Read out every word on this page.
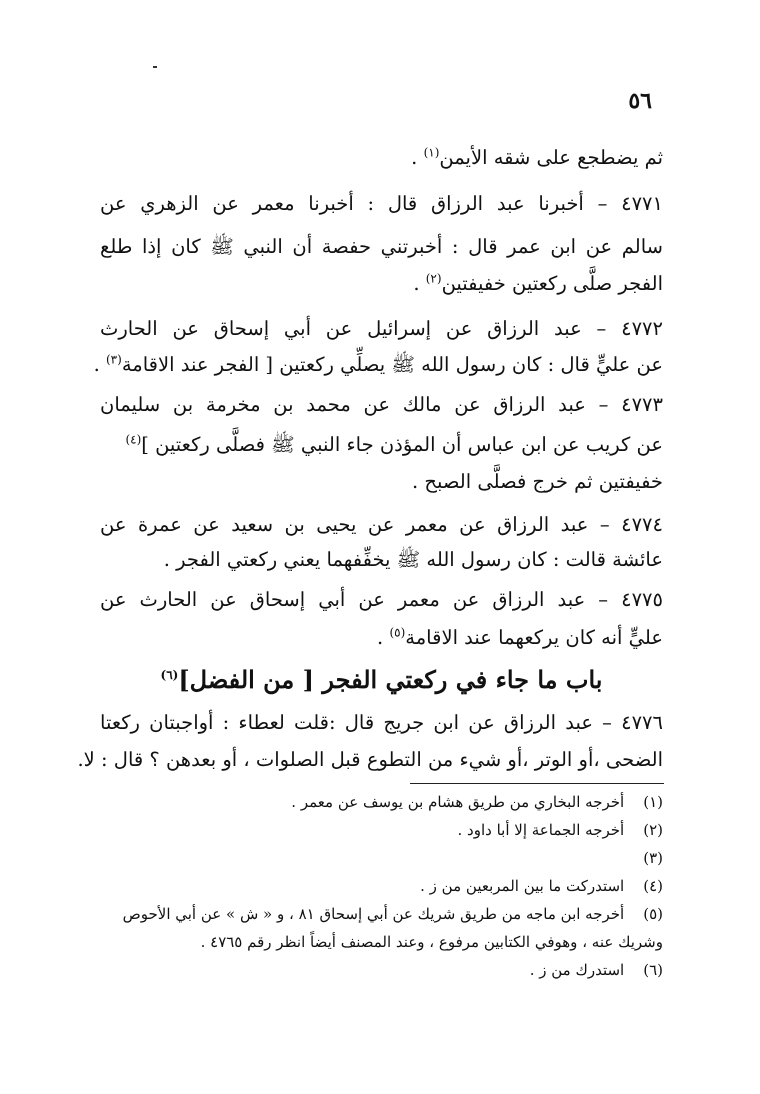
٥٦
ثم يضطجع على شقه الأيمن$^{(١)}$ .
٤٧٧١ – أخبرنا عبد الرزاق قال : أخبرنا معمر عن الزهري عن
سالم عن ابن عمر قال : أخبرتني حفصة أن النبي ﷺ كان إذا طلع
الفجر صلَّى ركعتين خفيفتين$^{(٢)}$ .
٤٧٧٢ – عبد الرزاق عن إسرائيل عن أبي إسحاق عن الحارث
عن عليٍّ قال : كان رسول الله ﷺ يصلِّي ركعتين [ الفجر عند الاقامة$^{(٣)}$ .
٤٧٧٣ – عبد الرزاق عن مالك عن محمد بن مخرمة بن سليمان
عن كريب عن ابن عباس أن المؤذن جاء النبي ﷺ فصلَّى ركعتين ]$^{(٤)}$
خفيفتين ثم خرج فصلَّى الصبح .
٤٧٧٤ – عبد الرزاق عن معمر عن يحيى بن سعيد عن عمرة عن
عائشة قالت : كان رسول الله ﷺ يخفِّفهما يعني ركعتي الفجر .
٤٧٧٥ – عبد الرزاق عن معمر عن أبي إسحاق عن الحارث عن
عليٍّ أنه كان يركعهما عند الاقامة$^{(٥)}$ .
باب ما جاء في ركعتي الفجر [ من الفضل]$^{(٦)}$
٤٧٧٦ – عبد الرزاق عن ابن جريج قال :قلت لعطاء : أواجبتان ركعتا
الضحى ،أو الوتر ،أو شيء من التطوع قبل الصلوات ، أو بعدهن ؟ قال : لا.
(١) أخرجه البخاري من طريق هشام بن يوسف عن معمر .
(٢) أخرجه الجماعة إلا أبا داود .
(٣)
(٤) استدركت ما بين المربعين من ز .
(٥) أخرجه ابن ماجه من طريق شريك عن أبي إسحاق ٨١ ، و « ش » عن أبي الأحوص
وشريك عنه ، وهوفي الكتابين مرفوع ، وعند المصنف أيضاً انظر رقم ٤٧٦٥ .
(٦) استدرك من ز .
